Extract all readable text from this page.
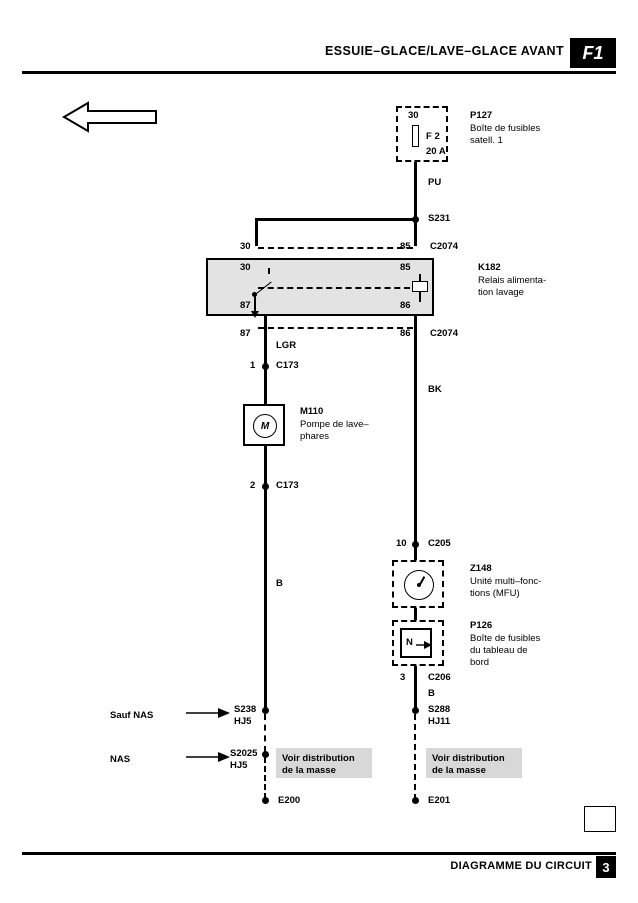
ESSUIE–GLACE/LAVE–GLACE AVANT	F1
30
F 2
20 A
P127
Boîte de fusibles
satell. 1
PU
S231
30	85 C2074
30	85
87	86
K182
Relais alimenta-
tion lavage
87	86 C2074
LGR
1 C173
M
M110
Pompe de lave–
phares
2 C173
B
S238
HJ5
Sauf NAS
S2025
HJ5
NAS	Voir distribution
de la masse
E200
BK
10 C205
Z148
Unité multi–fonc-
tions (MFU)
N
P126
Boîte de fusibles
du tableau de
bord
3 C206
B
S288
HJ11
E201
Voir distribution
de la masse
DIAGRAMME DU CIRCUIT 3
